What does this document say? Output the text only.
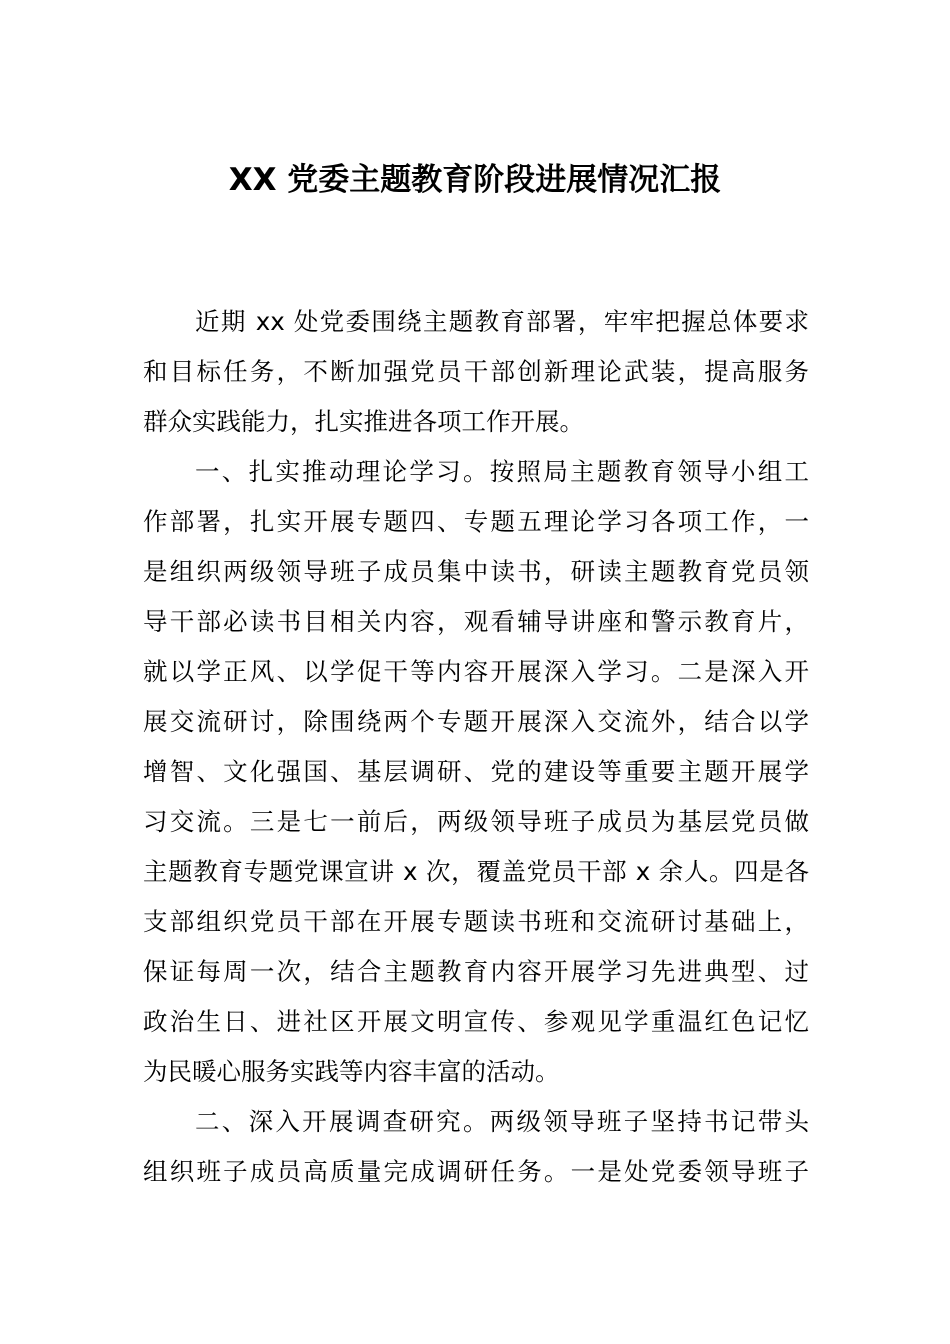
XX 党委主题教育阶段进展情况汇报
近期 xx 处党委围绕主题教育部署，牢牢把握总体要求
和目标任务，不断加强党员干部创新理论武装，提高服务
群众实践能力，扎实推进各项工作开展。
一、扎实推动理论学习。按照局主题教育领导小组工
作部署，扎实开展专题四、专题五理论学习各项工作，一
是组织两级领导班子成员集中读书，研读主题教育党员领
导干部必读书目相关内容，观看辅导讲座和警示教育片，
就以学正风、以学促干等内容开展深入学习。二是深入开
展交流研讨，除围绕两个专题开展深入交流外，结合以学
增智、文化强国、基层调研、党的建设等重要主题开展学
习交流。三是七一前后，两级领导班子成员为基层党员做
主题教育专题党课宣讲 x 次，覆盖党员干部 x 余人。四是各
支部组织党员干部在开展专题读书班和交流研讨基础上，
保证每周一次，结合主题教育内容开展学习先进典型、过
政治生日、进社区开展文明宣传、参观见学重温红色记忆
为民暖心服务实践等内容丰富的活动。
二、深入开展调查研究。两级领导班子坚持书记带头
组织班子成员高质量完成调研任务。一是处党委领导班子
